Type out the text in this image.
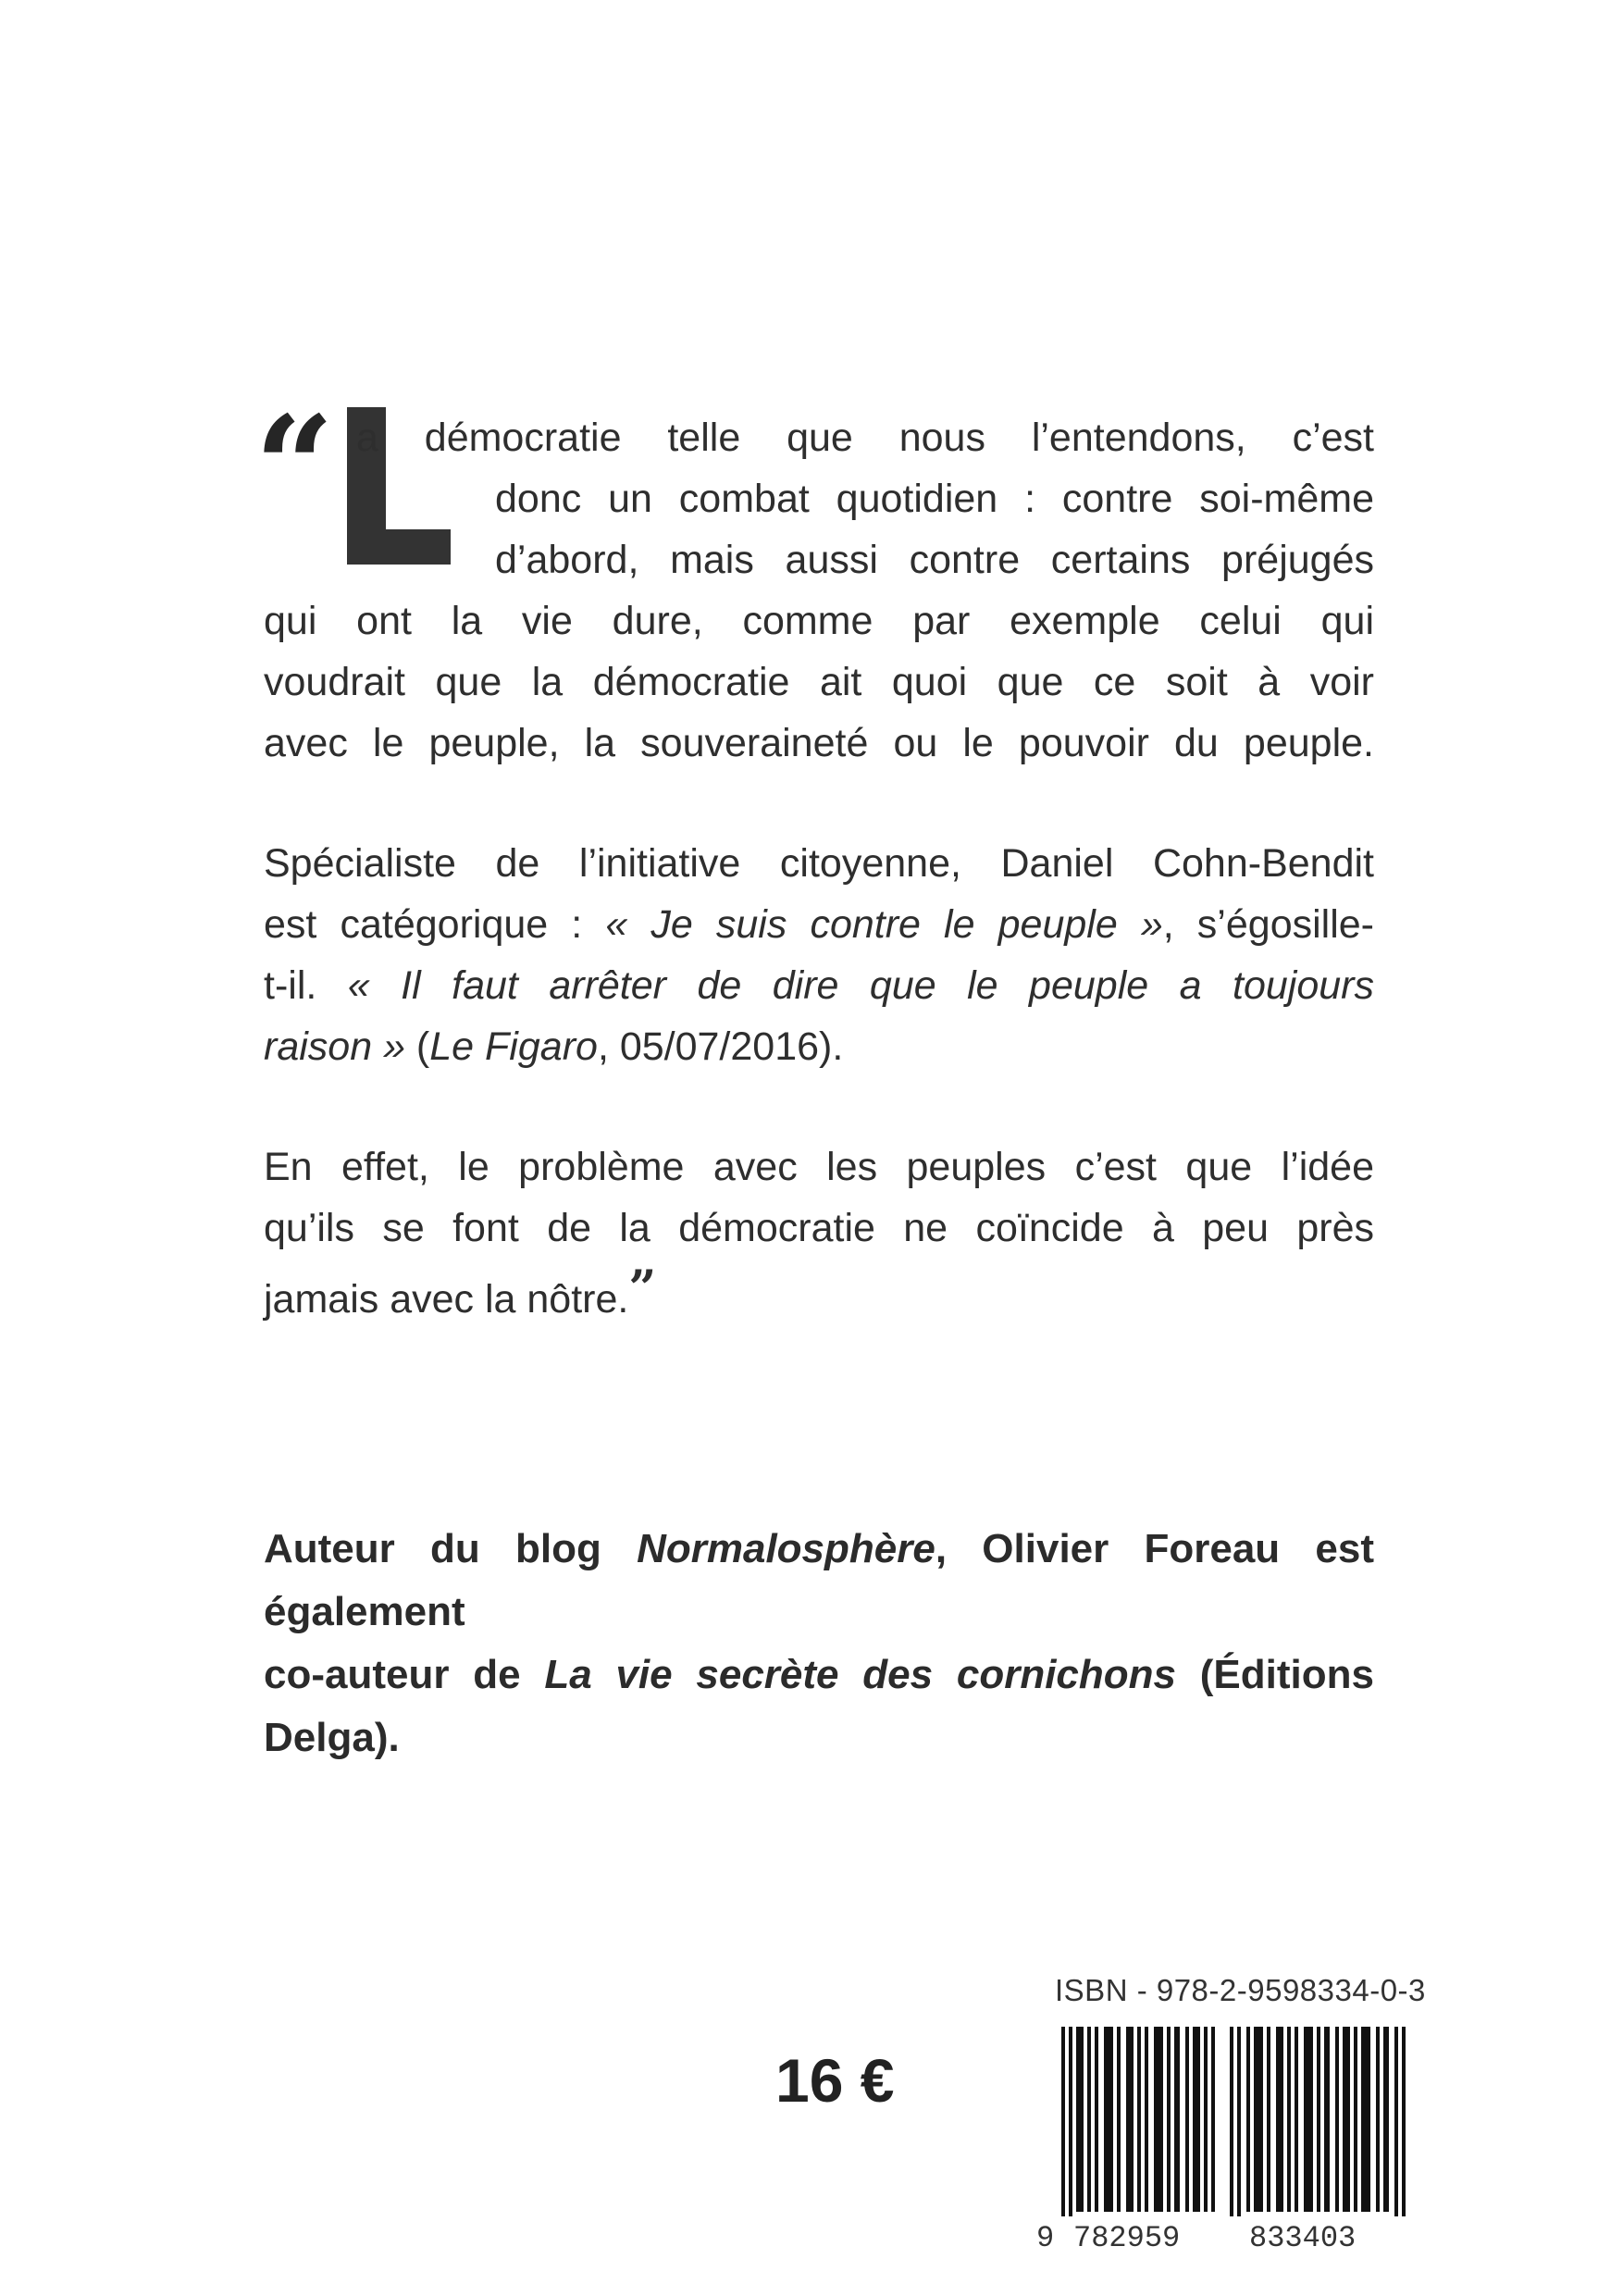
“ a démocratie telle que nous l’entendons, c’est
donc un combat quotidien : contre soi-même
d’abord, mais aussi contre certains préjugés
qui ont la vie dure, comme par exemple celui qui
voudrait que la démocratie ait quoi que ce soit à voir
avec le peuple, la souveraineté ou le pouvoir du peuple.
Spécialiste de l’initiative citoyenne, Daniel Cohn-Bendit
est catégorique : « Je suis contre le peuple », s’égosille-
t-il. « Il faut arrêter de dire que le peuple a toujours
raison » (Le Figaro, 05/07/2016).
En effet, le problème avec les peuples c’est que l’idée
qu’ils se font de la démocratie ne coïncide à peu près
jamais avec la nôtre.”
Auteur du blog Normalosphère, Olivier Foreau est également
co-auteur de La vie secrète des cornichons (Éditions Delga).
ISBN - 978-2-9598334-0-3
16 €
9 782959 833403
